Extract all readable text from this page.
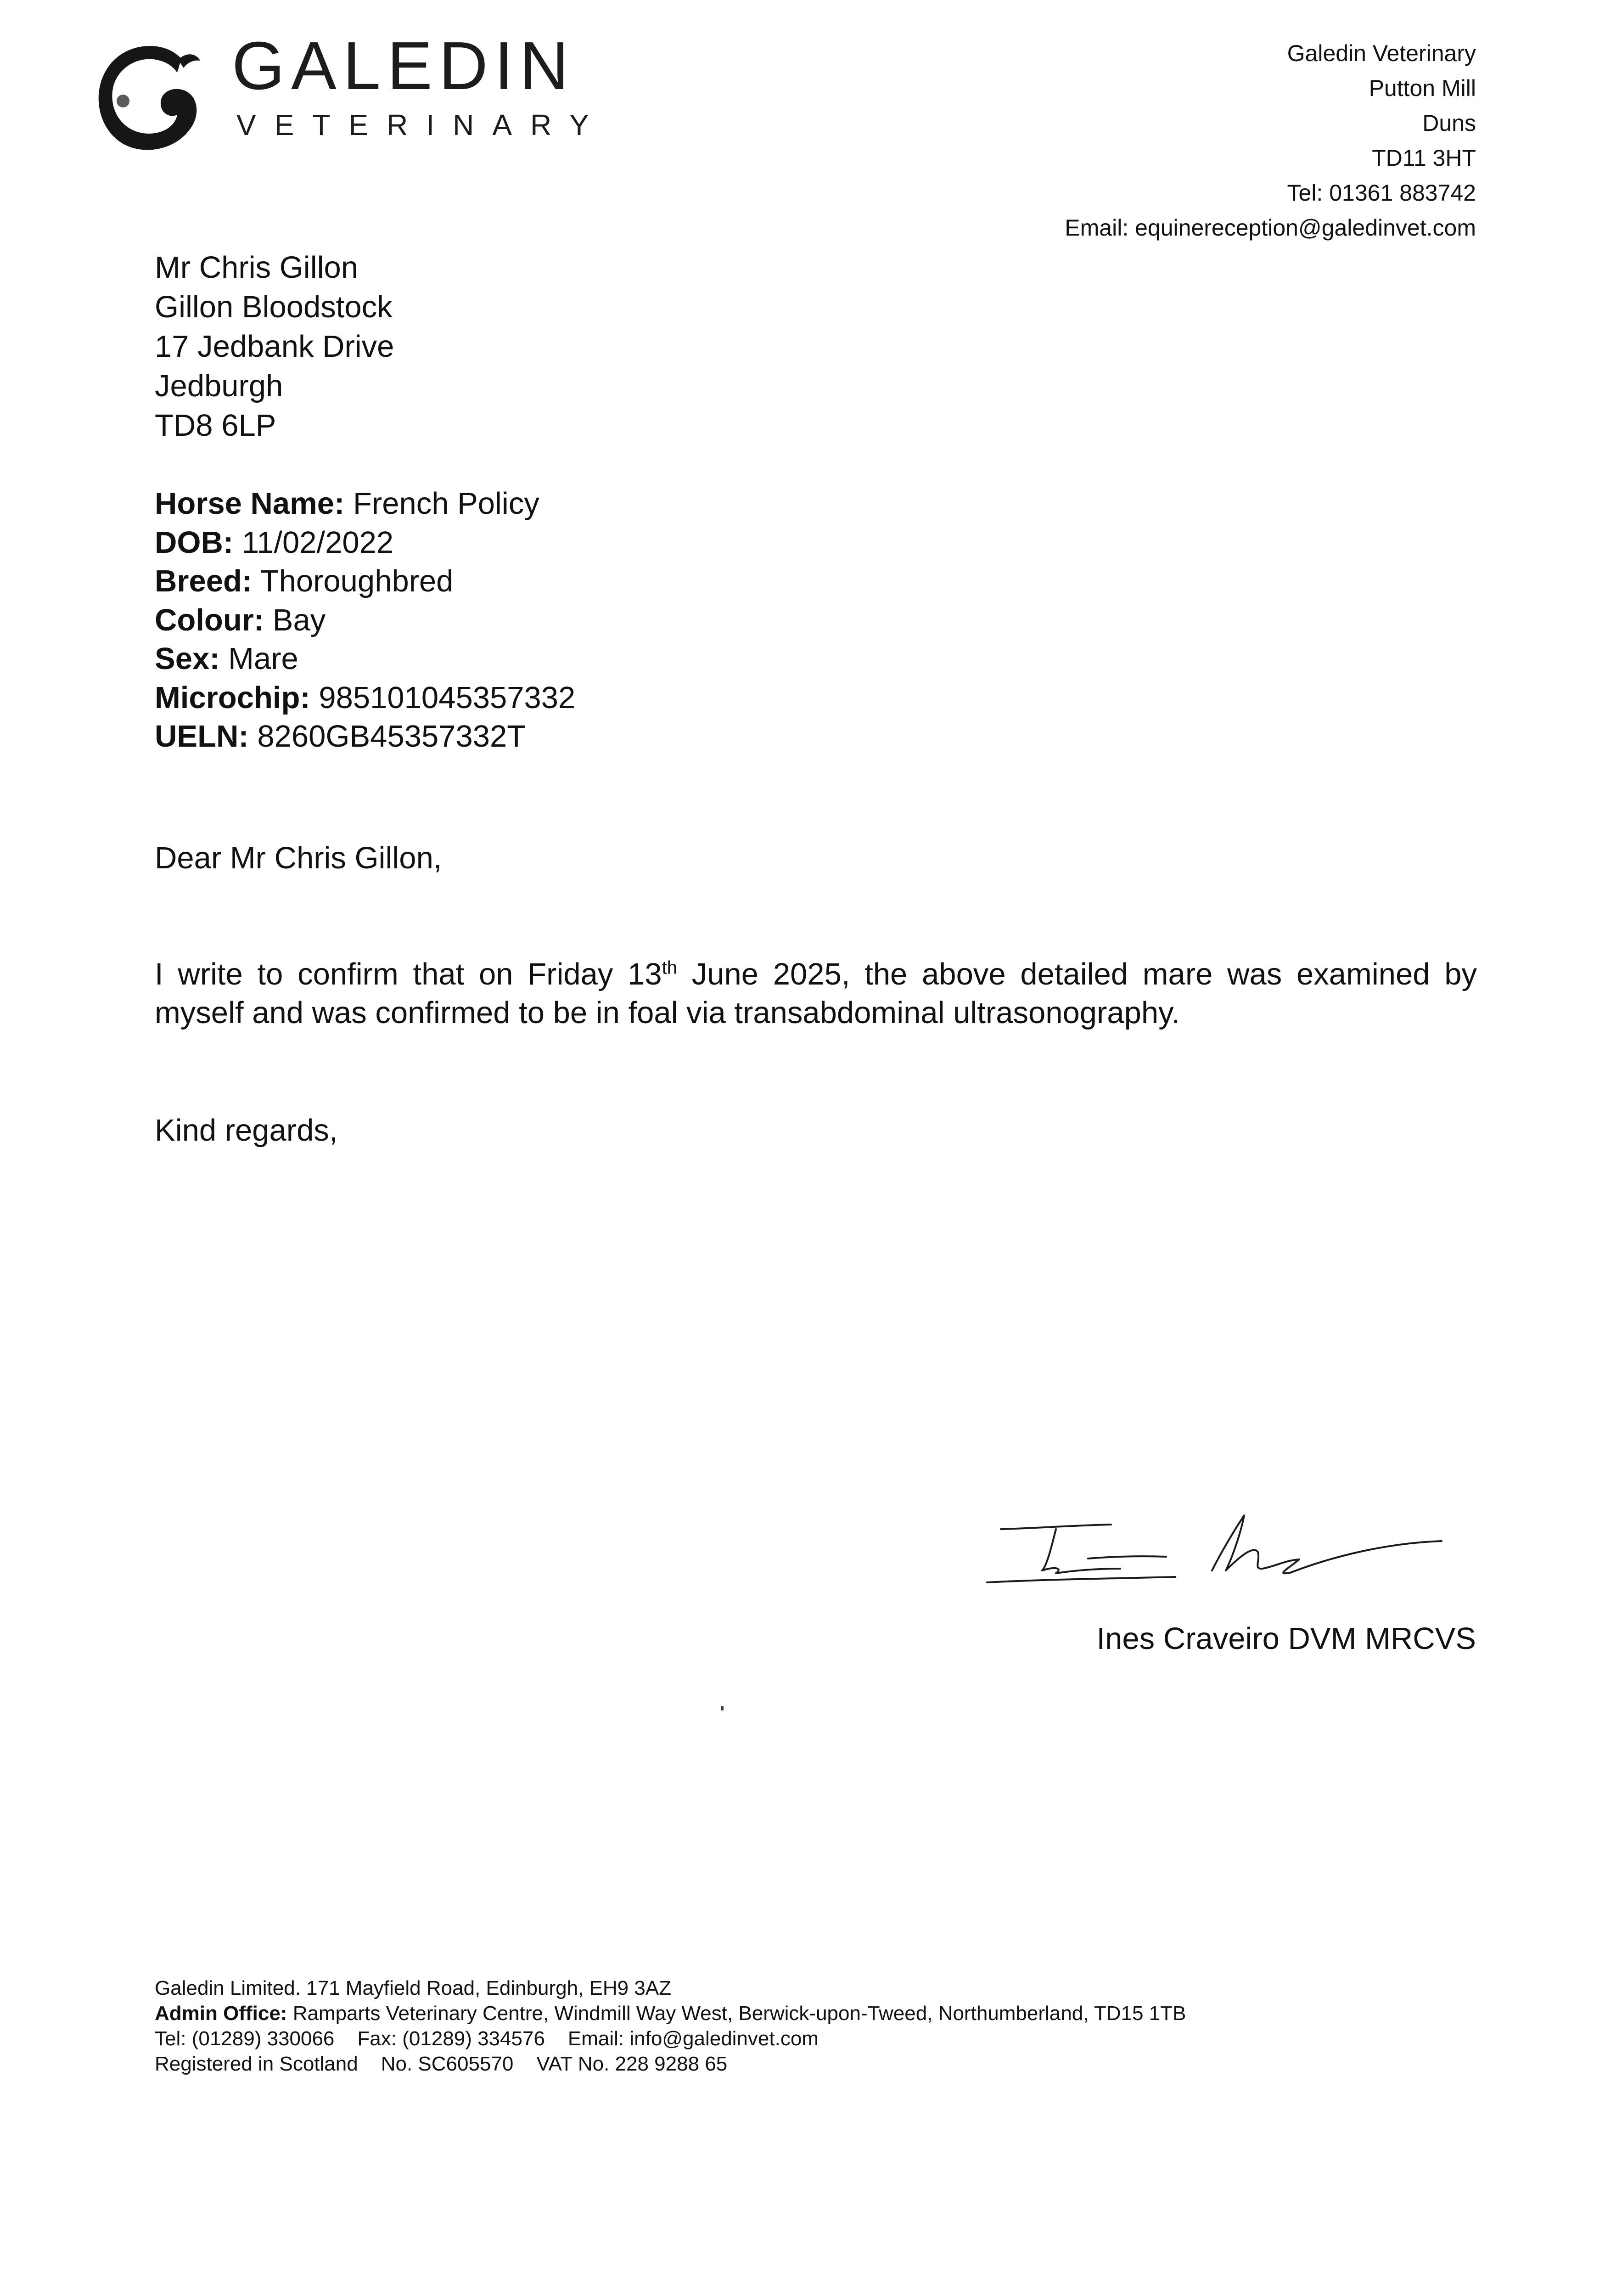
GALEDIN
VETERINARY
Galedin Veterinary
Putton Mill
Duns
TD11 3HT
Tel: 01361 883742
Email: equinereception@galedinvet.com
Mr Chris Gillon
Gillon Bloodstock
17 Jedbank Drive
Jedburgh
TD8 6LP
Horse Name: French Policy
DOB: 11/02/2022
Breed: Thoroughbred
Colour: Bay
Sex: Mare
Microchip: 985101045357332
UELN: 8260GB45357332T
Dear Mr Chris Gillon,
I write to confirm that on Friday 13th June 2025, the above detailed mare was examined by myself and was confirmed to be in foal via transabdominal ultrasonography.
Kind regards,
Ines Craveiro DVM MRCVS
Galedin Limited. 171 Mayfield Road, Edinburgh, EH9 3AZ
Admin Office: Ramparts Veterinary Centre, Windmill Way West, Berwick-upon-Tweed, Northumberland, TD15 1TB
Tel: (01289) 330066 Fax: (01289) 334576 Email: info@galedinvet.com
Registered in Scotland No. SC605570 VAT No. 228 9288 65
